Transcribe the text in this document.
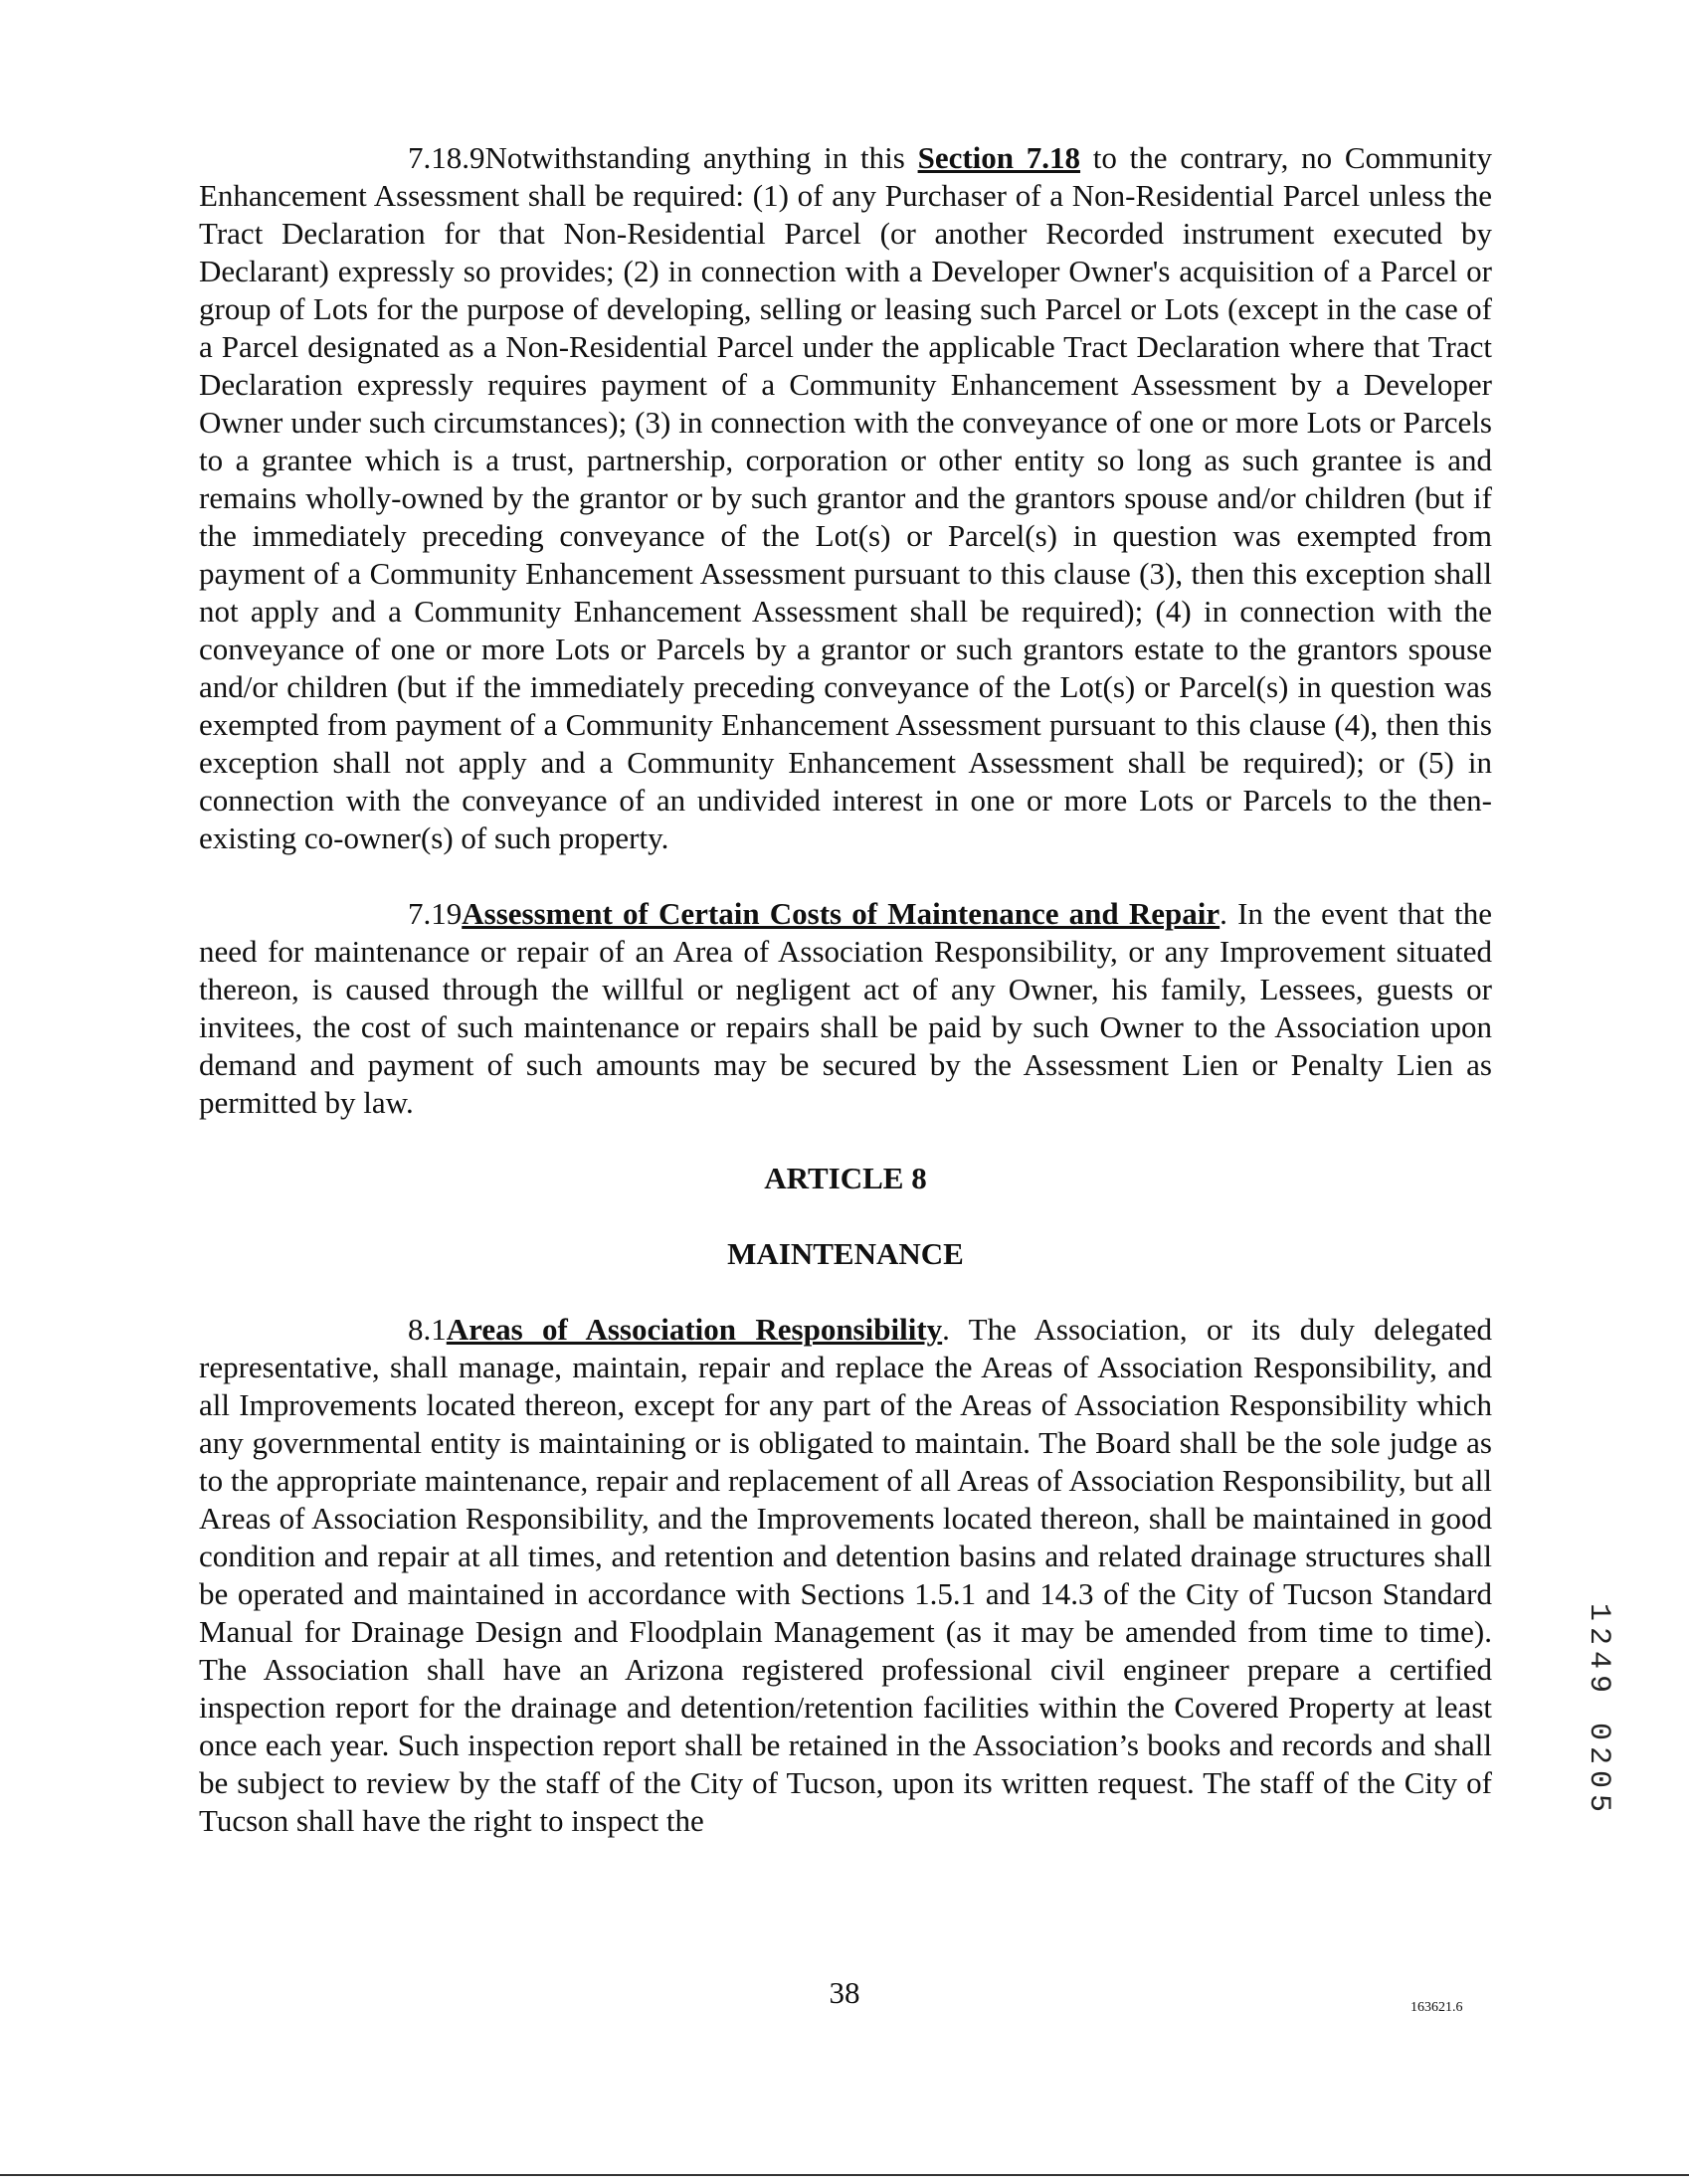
7.18.9Notwithstanding anything in this Section 7.18 to the contrary, no Community Enhancement Assessment shall be required: (1) of any Purchaser of a Non-Residential Parcel unless the Tract Declaration for that Non-Residential Parcel (or another Recorded instrument executed by Declarant) expressly so provides; (2) in connection with a Developer Owner's acquisition of a Parcel or group of Lots for the purpose of developing, selling or leasing such Parcel or Lots (except in the case of a Parcel designated as a Non-Residential Parcel under the applicable Tract Declaration where that Tract Declaration expressly requires payment of a Community Enhancement Assessment by a Developer Owner under such circumstances); (3) in connection with the conveyance of one or more Lots or Parcels to a grantee which is a trust, partnership, corporation or other entity so long as such grantee is and remains wholly-owned by the grantor or by such grantor and the grantors spouse and/or children (but if the immediately preceding conveyance of the Lot(s) or Parcel(s) in question was exempted from payment of a Community Enhancement Assessment pursuant to this clause (3), then this exception shall not apply and a Community Enhancement Assessment shall be required); (4) in connection with the conveyance of one or more Lots or Parcels by a grantor or such grantors estate to the grantors spouse and/or children (but if the immediately preceding conveyance of the Lot(s) or Parcel(s) in question was exempted from payment of a Community Enhancement Assessment pursuant to this clause (4), then this exception shall not apply and a Community Enhancement Assessment shall be required); or (5) in connection with the conveyance of an undivided interest in one or more Lots or Parcels to the then-existing co-owner(s) of such property.

7.19Assessment of Certain Costs of Maintenance and Repair. In the event that the need for maintenance or repair of an Area of Association Responsibility, or any Improvement situated thereon, is caused through the willful or negligent act of any Owner, his family, Lessees, guests or invitees, the cost of such maintenance or repairs shall be paid by such Owner to the Association upon demand and payment of such amounts may be secured by the Assessment Lien or Penalty Lien as permitted by law.

ARTICLE 8

MAINTENANCE

8.1Areas of Association Responsibility. The Association, or its duly delegated representative, shall manage, maintain, repair and replace the Areas of Association Responsibility, and all Improvements located thereon, except for any part of the Areas of Association Responsibility which any governmental entity is maintaining or is obligated to maintain. The Board shall be the sole judge as to the appropriate maintenance, repair and replacement of all Areas of Association Responsibility, but all Areas of Association Responsibility, and the Improvements located thereon, shall be maintained in good condition and repair at all times, and retention and detention basins and related drainage structures shall be operated and maintained in accordance with Sections 1.5.1 and 14.3 of the City of Tucson Standard Manual for Drainage Design and Floodplain Management (as it may be amended from time to time). The Association shall have an Arizona registered professional civil engineer prepare a certified inspection report for the drainage and detention/retention facilities within the Covered Property at least once each year. Such inspection report shall be retained in the Association’s books and records and shall be subject to review by the staff of the City of Tucson, upon its written request. The staff of the City of Tucson shall have the right to inspect the

1249 0205
38	163621.6
